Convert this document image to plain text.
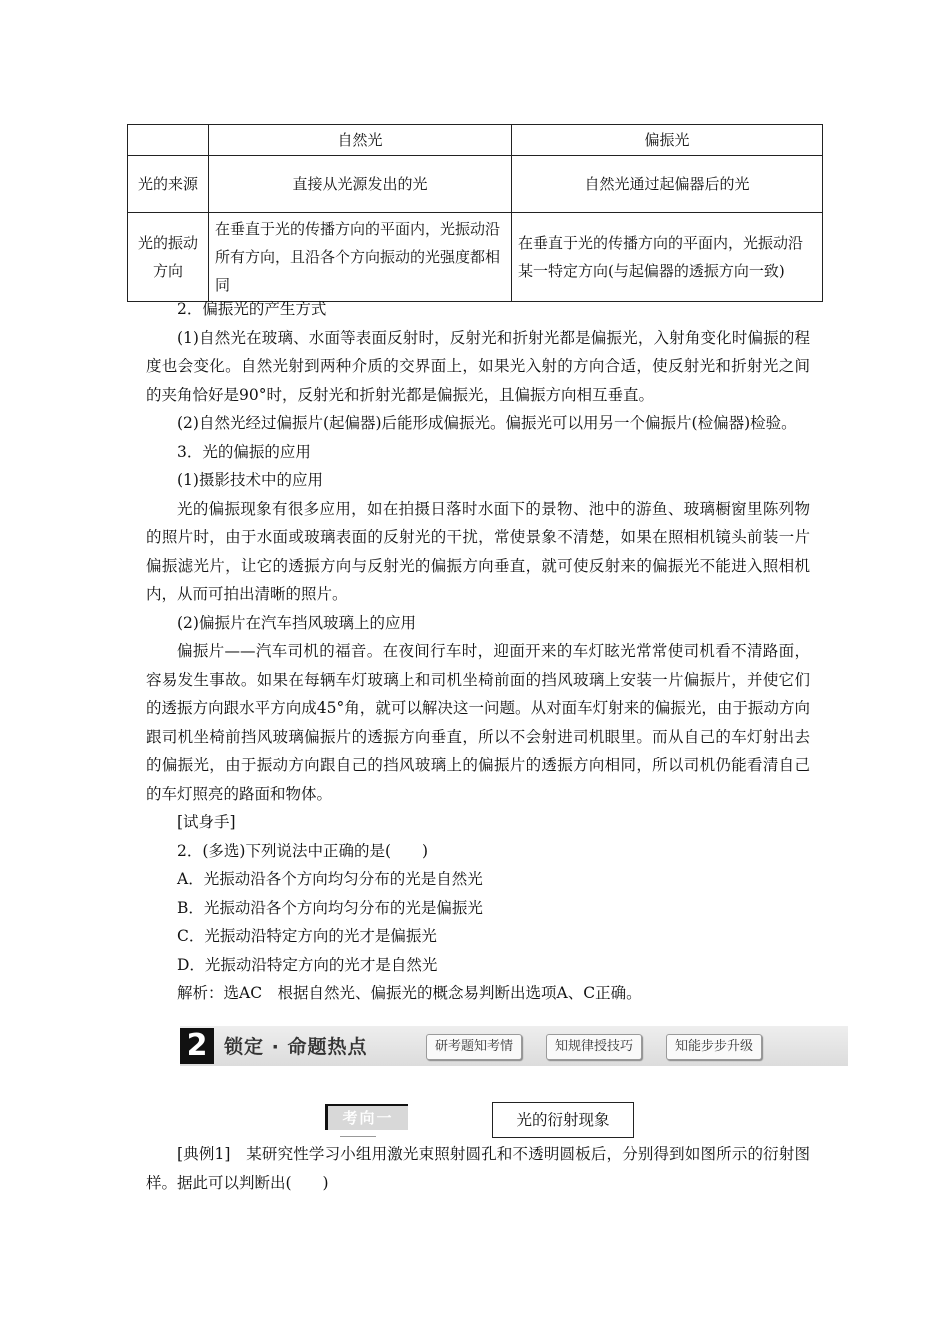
	自然光	偏振光
光的来源	直接从光源发出的光	自然光通过起偏器后的光
光的振动方向	在垂直于光的传播方向的平面内，光振动沿所有方向，且沿各个方向振动的光强度都相同	在垂直于光的传播方向的平面内，光振动沿某一特定方向(与起偏器的透振方向一致)

2．偏振光的产生方式

(1)自然光在玻璃、水面等表面反射时，反射光和折射光都是偏振光，入射角变化时偏振的程度也会变化。自然光射到两种介质的交界面上，如果光入射的方向合适，使反射光和折射光之间的夹角恰好是90°时，反射光和折射光都是偏振光，且偏振方向相互垂直。

(2)自然光经过偏振片(起偏器)后能形成偏振光。偏振光可以用另一个偏振片(检偏器)检验。

3．光的偏振的应用

(1)摄影技术中的应用

光的偏振现象有很多应用，如在拍摄日落时水面下的景物、池中的游鱼、玻璃橱窗里陈列物的照片时，由于水面或玻璃表面的反射光的干扰，常使景象不清楚，如果在照相机镜头前装一片偏振滤光片，让它的透振方向与反射光的偏振方向垂直，就可使反射来的偏振光不能进入照相机内，从而可拍出清晰的照片。

(2)偏振片在汽车挡风玻璃上的应用

偏振片——汽车司机的福音。在夜间行车时，迎面开来的车灯眩光常常使司机看不清路面，容易发生事故。如果在每辆车灯玻璃上和司机坐椅前面的挡风玻璃上安装一片偏振片，并使它们的透振方向跟水平方向成45°角，就可以解决这一问题。从对面车灯射来的偏振光，由于振动方向跟司机坐椅前挡风玻璃偏振片的透振方向垂直，所以不会射进司机眼里。而从自己的车灯射出去的偏振光，由于振动方向跟自己的挡风玻璃上的偏振片的透振方向相同，所以司机仍能看清自己的车灯照亮的路面和物体。

[试身手]

2．(多选)下列说法中正确的是(　　)

A．光振动沿各个方向均匀分布的光是自然光

B．光振动沿各个方向均匀分布的光是偏振光

C．光振动沿特定方向的光才是偏振光

D．光振动沿特定方向的光才是自然光

解析：选AC　根据自然光、偏振光的概念易判断出选项A、C正确。

2 锁定 · 命题热点	研考题知考情	知规律授技巧	知能步步升级
考向一	光的衍射现象

[典例1]　某研究性学习小组用激光束照射圆孔和不透明圆板后，分别得到如图所示的衍射图样。据此可以判断出(　　)
